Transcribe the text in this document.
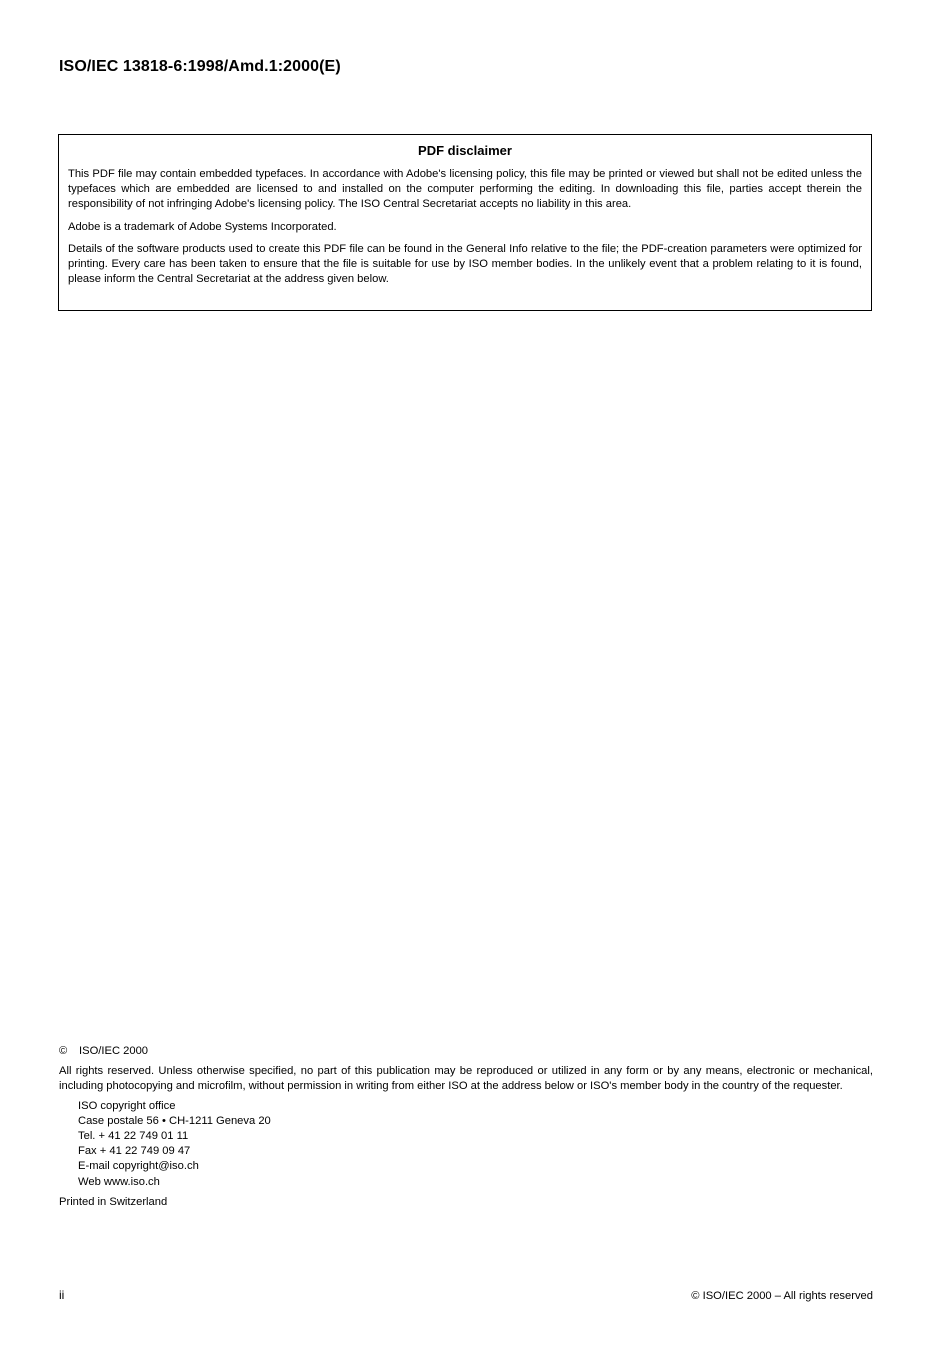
ISO/IEC 13818-6:1998/Amd.1:2000(E)
PDF disclaimer

This PDF file may contain embedded typefaces. In accordance with Adobe's licensing policy, this file may be printed or viewed but shall not be edited unless the typefaces which are embedded are licensed to and installed on the computer performing the editing. In downloading this file, parties accept therein the responsibility of not infringing Adobe's licensing policy. The ISO Central Secretariat accepts no liability in this area.

Adobe is a trademark of Adobe Systems Incorporated.

Details of the software products used to create this PDF file can be found in the General Info relative to the file; the PDF-creation parameters were optimized for printing. Every care has been taken to ensure that the file is suitable for use by ISO member bodies. In the unlikely event that a problem relating to it is found, please inform the Central Secretariat at the address given below.

© ISO/IEC 2000
All rights reserved. Unless otherwise specified, no part of this publication may be reproduced or utilized in any form or by any means, electronic or mechanical, including photocopying and microfilm, without permission in writing from either ISO at the address below or ISO's member body in the country of the requester.
ISO copyright office
Case postale 56 • CH-1211 Geneva 20
Tel. + 41 22 749 01 11
Fax + 41 22 749 09 47
E-mail copyright@iso.ch
Web www.iso.ch
Printed in Switzerland
ii	© ISO/IEC 2000 – All rights reserved
